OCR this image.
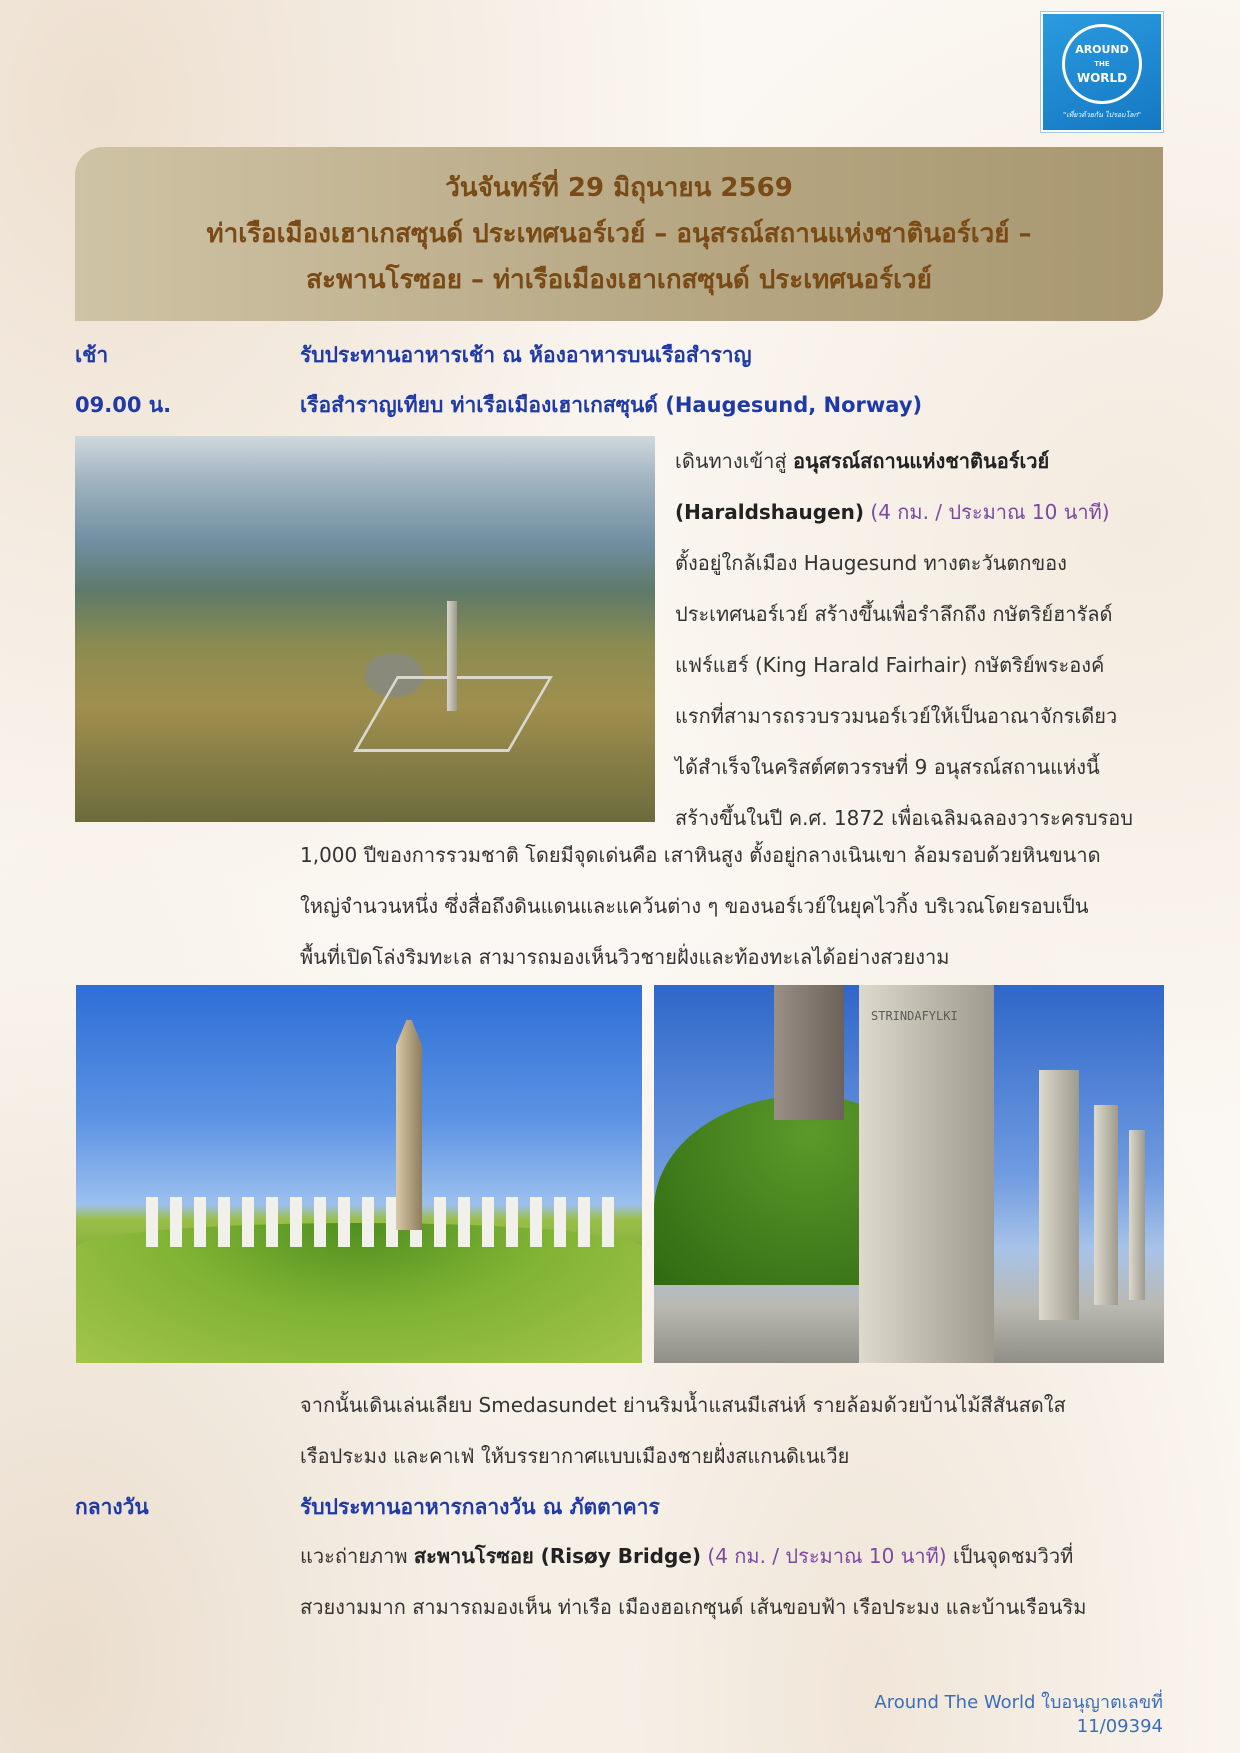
AROUND
THE
WORLD
"เที่ยวด้วยกัน ไปรอบโลก"
วันจันทร์ที่ 29 มิถุนายน 2569
ท่าเรือเมืองเฮาเกสซุนด์ ประเทศนอร์เวย์ – อนุสรณ์สถานแห่งชาตินอร์เวย์ –
สะพานโรซอย – ท่าเรือเมืองเฮาเกสซุนด์ ประเทศนอร์เวย์
เช้า	รับประทานอาหารเช้า ณ ห้องอาหารบนเรือสำราญ
09.00 น.	เรือสำราญเทียบ ท่าเรือเมืองเฮาเกสซุนด์ (Haugesund, Norway)
เดินทางเข้าสู่ อนุสรณ์สถานแห่งชาตินอร์เวย์
(Haraldshaugen) (4 กม. / ประมาณ 10 นาที)
ตั้งอยู่ใกล้เมือง Haugesund ทางตะวันตกของ
ประเทศนอร์เวย์ สร้างขึ้นเพื่อรำลึกถึง กษัตริย์ฮารัลด์
แฟร์แฮร์ (King Harald Fairhair) กษัตริย์พระองค์
แรกที่สามารถรวบรวมนอร์เวย์ให้เป็นอาณาจักรเดียว
ได้สำเร็จในคริสต์ศตวรรษที่ 9 อนุสรณ์สถานแห่งนี้
สร้างขึ้นในปี ค.ศ. 1872 เพื่อเฉลิมฉลองวาระครบรอบ
1,000 ปีของการรวมชาติ โดยมีจุดเด่นคือ เสาหินสูง ตั้งอยู่กลางเนินเขา ล้อมรอบด้วยหินขนาด
ใหญ่จำนวนหนึ่ง ซึ่งสื่อถึงดินแดนและแคว้นต่าง ๆ ของนอร์เวย์ในยุคไวกิ้ง บริเวณโดยรอบเป็น
พื้นที่เปิดโล่งริมทะเล สามารถมองเห็นวิวชายฝั่งและท้องทะเลได้อย่างสวยงาม
STRINDAFYLKI
จากนั้นเดินเล่นเลียบ Smedasundet ย่านริมน้ำแสนมีเสน่ห์ รายล้อมด้วยบ้านไม้สีสันสดใส
เรือประมง และคาเฟ่ ให้บรรยากาศแบบเมืองชายฝั่งสแกนดิเนเวีย
กลางวัน	รับประทานอาหารกลางวัน ณ ภัตตาคาร
แวะถ่ายภาพ สะพานโรซอย (Risøy Bridge) (4 กม. / ประมาณ 10 นาที) เป็นจุดชมวิวที่
สวยงามมาก สามารถมองเห็น ท่าเรือ เมืองฮอเกซุนด์ เส้นขอบฟ้า เรือประมง และบ้านเรือนริม
Around The World ใบอนุญาตเลขที่ 11/09394
